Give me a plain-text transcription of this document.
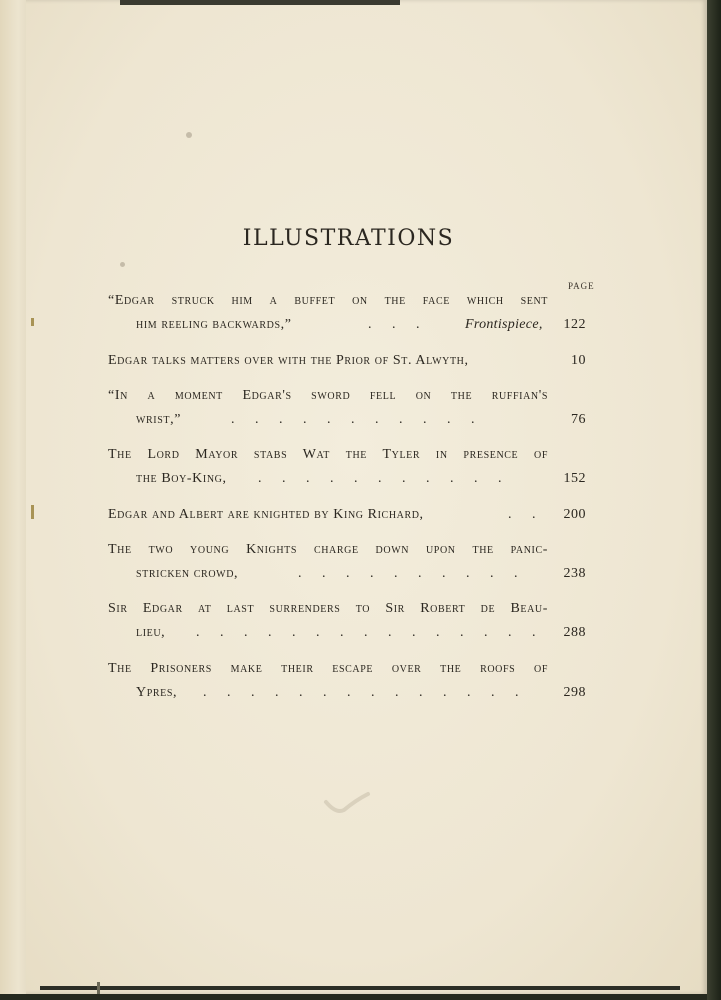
ILLUSTRATIONS
PAGE
“Edgar struck him a buffet on the face which sent
him reeling backwards,”	. . .	Frontispiece, 122
Edgar talks matters over with the Prior of St. Alwyth,	10
“In a moment Edgar's sword fell on the ruffian's
wrist,”	. . . . . . . . . . .	76
The Lord Mayor stabs Wat the Tyler in presence of
the Boy-King, . . . . . . . . . . .	152
Edgar and Albert are knighted by King Richard,	. . 200
The two young Knights charge down upon the panic-
stricken crowd,	. . . . . . . . . .	238
Sir Edgar at last surrenders to Sir Robert de Beau-
lieu, . . . . . . . . . . . . . . . 288
The Prisoners make their escape over the roofs of
Ypres, . . . . . . . . . . . . . .	298
